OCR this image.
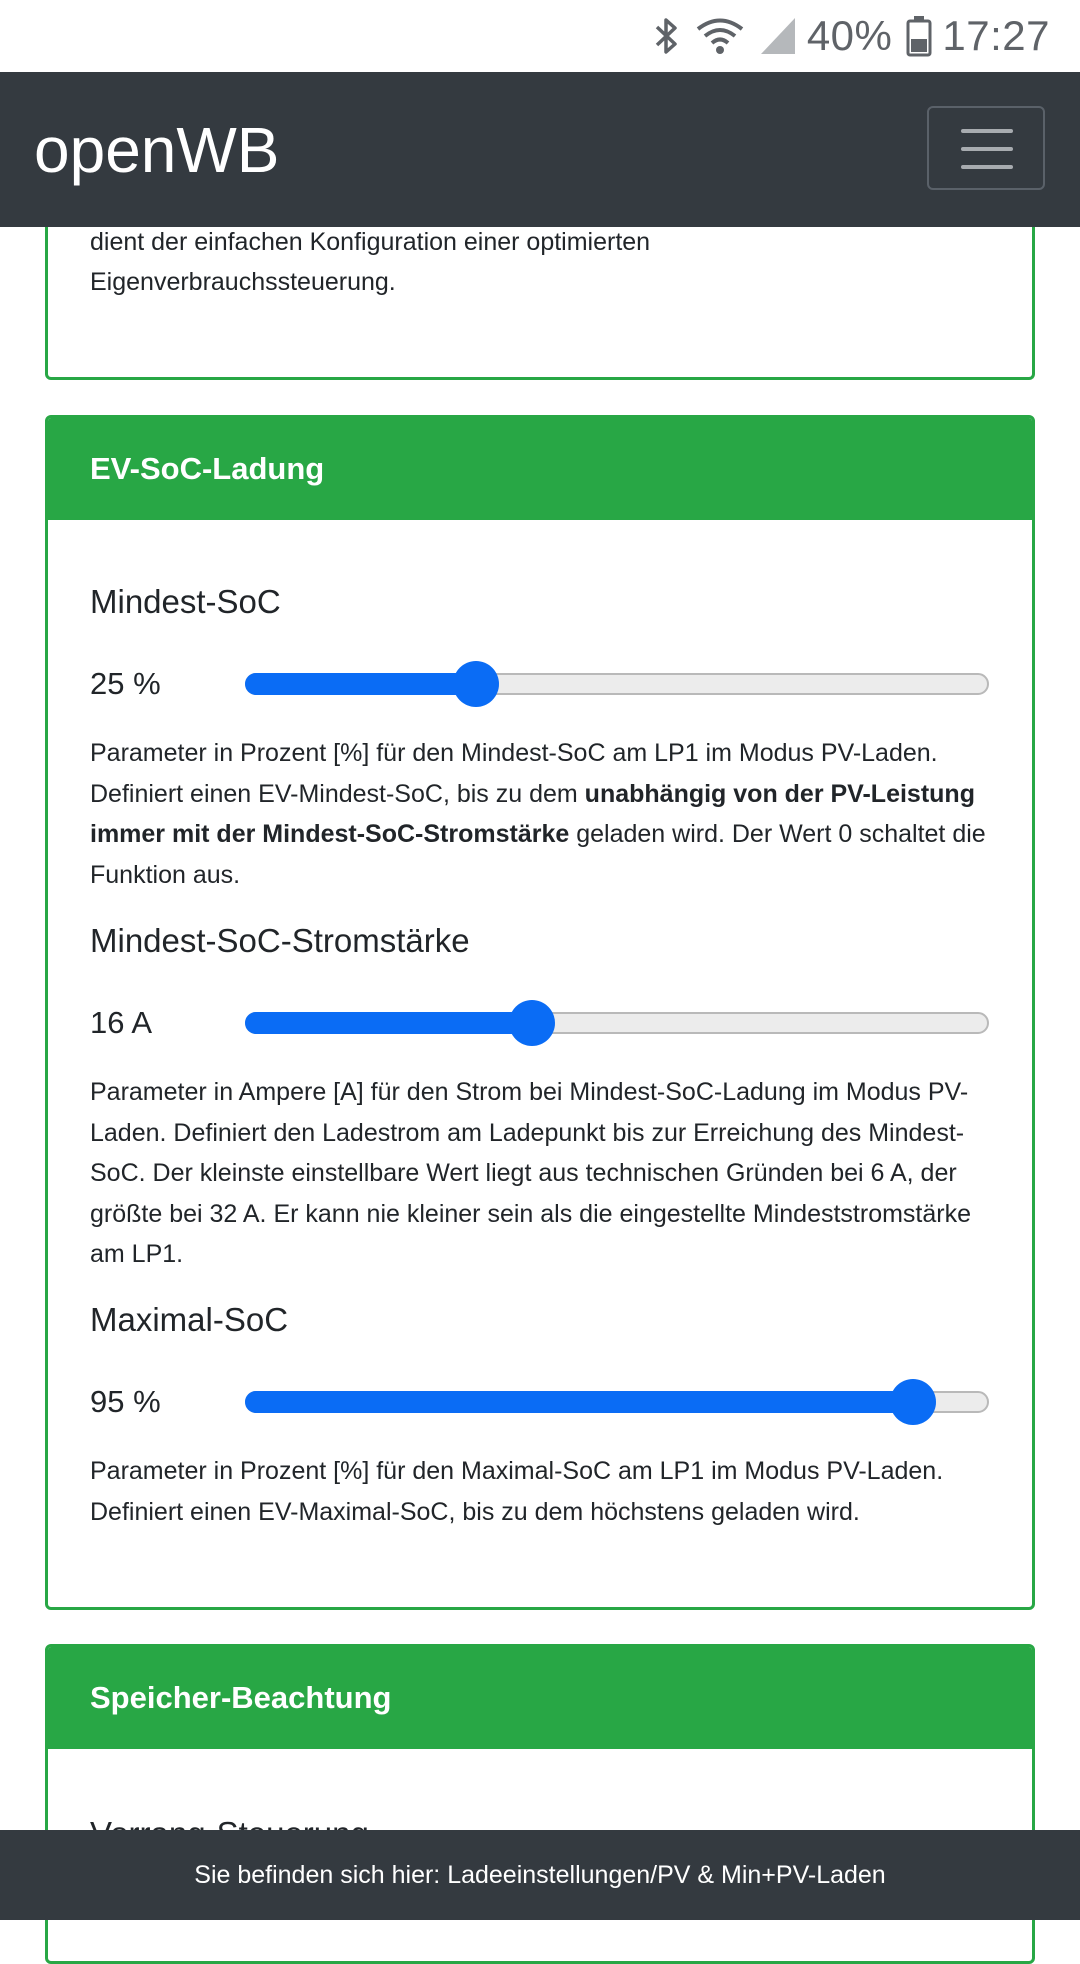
40% 17:27
openWB
dient der einfachen Konfiguration einer optimierten
Eigenverbrauchssteuerung.
EV-SoC-Ladung
Mindest-SoC
25 %
Parameter in Prozent [%] für den Mindest-SoC am LP1 im Modus PV-Laden. Definiert einen EV-Mindest-SoC, bis zu dem unabhängig von der PV-Leistung immer mit der Mindest-SoC-Stromstärke geladen wird. Der Wert 0 schaltet die Funktion aus.
Mindest-SoC-Stromstärke
16 A
Parameter in Ampere [A] für den Strom bei Mindest-SoC-Ladung im Modus PV-Laden. Definiert den Ladestrom am Ladepunkt bis zur Erreichung des Mindest-SoC. Der kleinste einstellbare Wert liegt aus technischen Gründen bei 6 A, der größte bei 32 A. Er kann nie kleiner sein als die eingestellte Mindeststromstärke am LP1.
Maximal-SoC
95 %
Parameter in Prozent [%] für den Maximal-SoC am LP1 im Modus PV-Laden. Definiert einen EV-Maximal-SoC, bis zu dem höchstens geladen wird.
Speicher-Beachtung
Sie befinden sich hier: Ladeeinstellungen/PV & Min+PV-Laden
